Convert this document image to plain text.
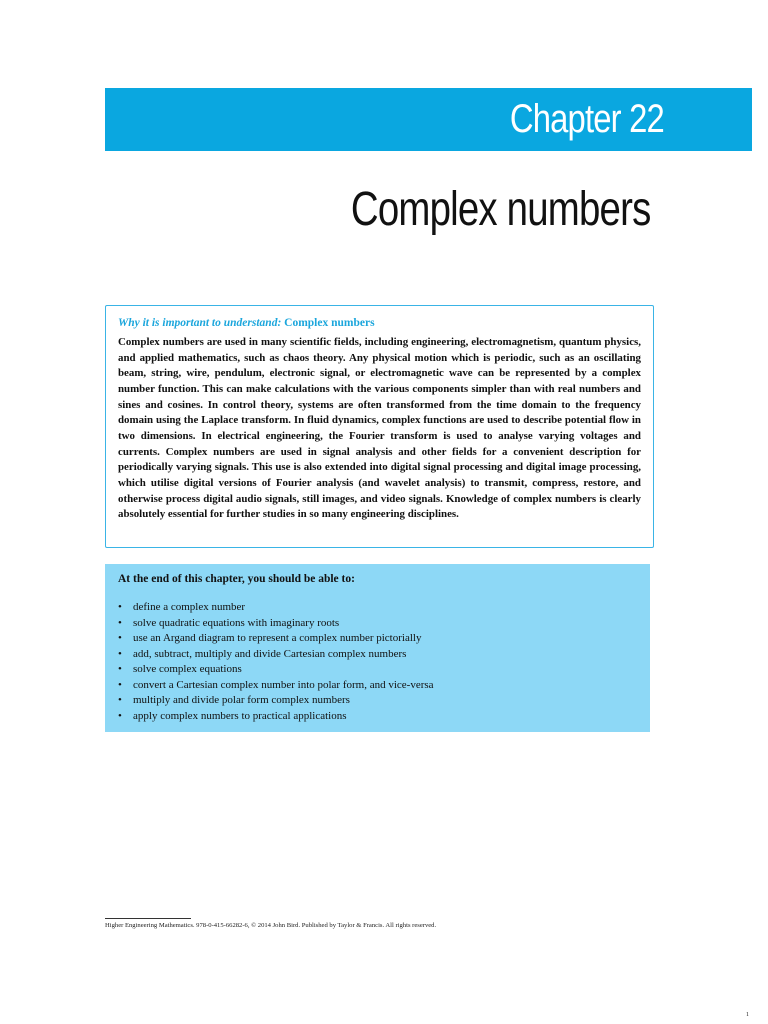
Chapter 22
Complex numbers
Why it is important to understand: Complex numbers
Complex numbers are used in many scientific fields, including engineering, electromagnetism, quantum physics, and applied mathematics, such as chaos theory. Any physical motion which is periodic, such as an oscillating beam, string, wire, pendulum, electronic signal, or electromagnetic wave can be represented by a complex number function. This can make calculations with the various components simpler than with real numbers and sines and cosines. In control theory, systems are often transformed from the time domain to the frequency domain using the Laplace transform. In fluid dynamics, complex functions are used to describe potential flow in two dimensions. In electrical engineering, the Fourier transform is used to analyse varying voltages and currents. Complex numbers are used in signal analysis and other fields for a convenient description for periodically varying signals. This use is also extended into digital signal processing and digital image processing, which utilise digital versions of Fourier analysis (and wavelet analysis) to transmit, compress, restore, and otherwise process digital audio signals, still images, and video signals. Knowledge of complex numbers is clearly absolutely essential for further studies in so many engineering disciplines.
At the end of this chapter, you should be able to:
• define a complex number
• solve quadratic equations with imaginary roots
• use an Argand diagram to represent a complex number pictorially
• add, subtract, multiply and divide Cartesian complex numbers
• solve complex equations
• convert a Cartesian complex number into polar form, and vice-versa
• multiply and divide polar form complex numbers
• apply complex numbers to practical applications
Higher Engineering Mathematics. 978-0-415-66282-6, © 2014 John Bird. Published by Taylor & Francis. All rights reserved.
1
